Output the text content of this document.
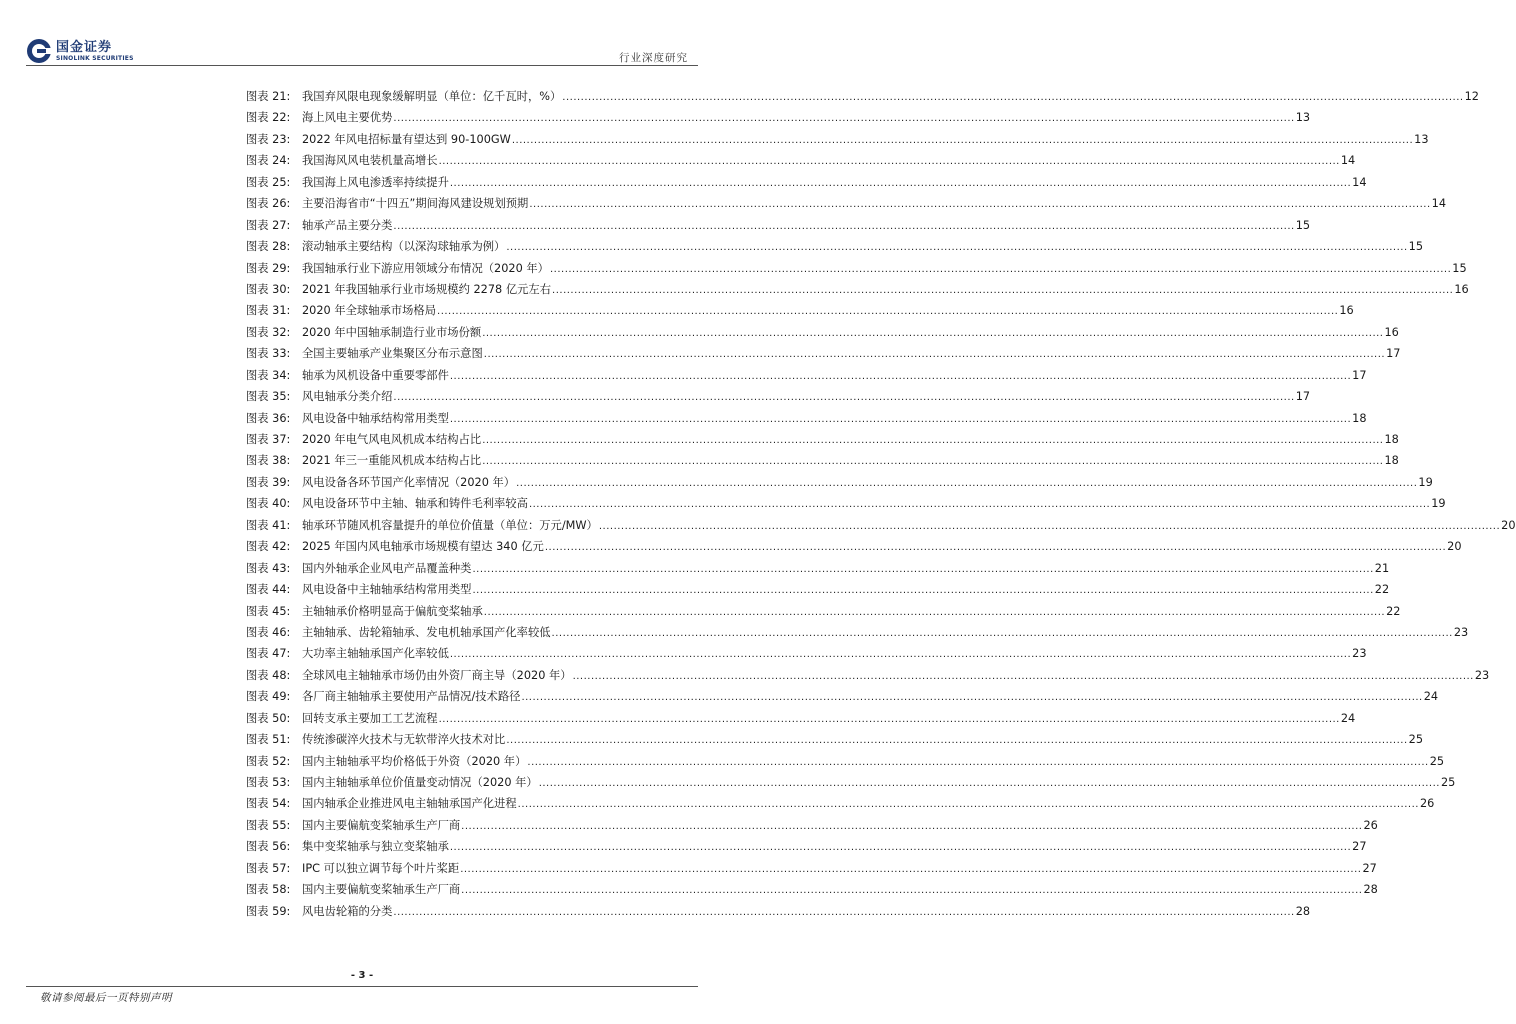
国金证券
SINOLINK SECURITIES	行业深度研究
图表 21:	我国弃风限电现象缓解明显（单位：亿千瓦时，%） .....	12
图表 22:	海上风电主要优势 .....	13
图表 23:	2022 年风电招标量有望达到 90-100GW .....	13
图表 24:	我国海风风电装机量高增长 .....	14
图表 25:	我国海上风电渗透率持续提升 .....	14
图表 26:	主要沿海省市“十四五”期间海风建设规划预期 .....	14
图表 27:	轴承产品主要分类 .....	15
图表 28:	滚动轴承主要结构（以深沟球轴承为例） .....	15
图表 29:	我国轴承行业下游应用领域分布情况（2020 年） .....	15
图表 30:	2021 年我国轴承行业市场规模约 2278 亿元左右 .....	16
图表 31:	2020 年全球轴承市场格局 .....	16
图表 32:	2020 年中国轴承制造行业市场份额 .....	16
图表 33:	全国主要轴承产业集聚区分布示意图 .....	17
图表 34:	轴承为风机设备中重要零部件 .....	17
图表 35:	风电轴承分类介绍 .....	17
图表 36:	风电设备中轴承结构常用类型 .....	18
图表 37:	2020 年电气风电风机成本结构占比 .....	18
图表 38:	2021 年三一重能风机成本结构占比 .....	18
图表 39:	风电设备各环节国产化率情况（2020 年） .....	19
图表 40:	风电设备环节中主轴、轴承和铸件毛利率较高 .....	19
图表 41:	轴承环节随风机容量提升的单位价值量（单位：万元/MW） .....	20
图表 42:	2025 年国内风电轴承市场规模有望达 340 亿元 .....	20
图表 43:	国内外轴承企业风电产品覆盖种类 .....	21
图表 44:	风电设备中主轴轴承结构常用类型 .....	22
图表 45:	主轴轴承价格明显高于偏航变桨轴承 .....	22
图表 46:	主轴轴承、齿轮箱轴承、发电机轴承国产化率较低 .....	23
图表 47:	大功率主轴轴承国产化率较低 .....	23
图表 48:	全球风电主轴轴承市场仍由外资厂商主导（2020 年） .....	23
图表 49:	各厂商主轴轴承主要使用产品情况/技术路径 .....	24
图表 50:	回转支承主要加工工艺流程 .....	24
图表 51:	传统渗碳淬火技术与无软带淬火技术对比 .....	25
图表 52:	国内主轴轴承平均价格低于外资（2020 年） .....	25
图表 53:	国内主轴轴承单位价值量变动情况（2020 年） .....	25
图表 54:	国内轴承企业推进风电主轴轴承国产化进程 .....	26
图表 55:	国内主要偏航变桨轴承生产厂商 .....	26
图表 56:	集中变桨轴承与独立变桨轴承 .....	27
图表 57:	IPC 可以独立调节每个叶片桨距 .....	27
图表 58:	国内主要偏航变桨轴承生产厂商 .....	28
图表 59:	风电齿轮箱的分类 .....	28
- 3 -
敬请参阅最后一页特别声明
